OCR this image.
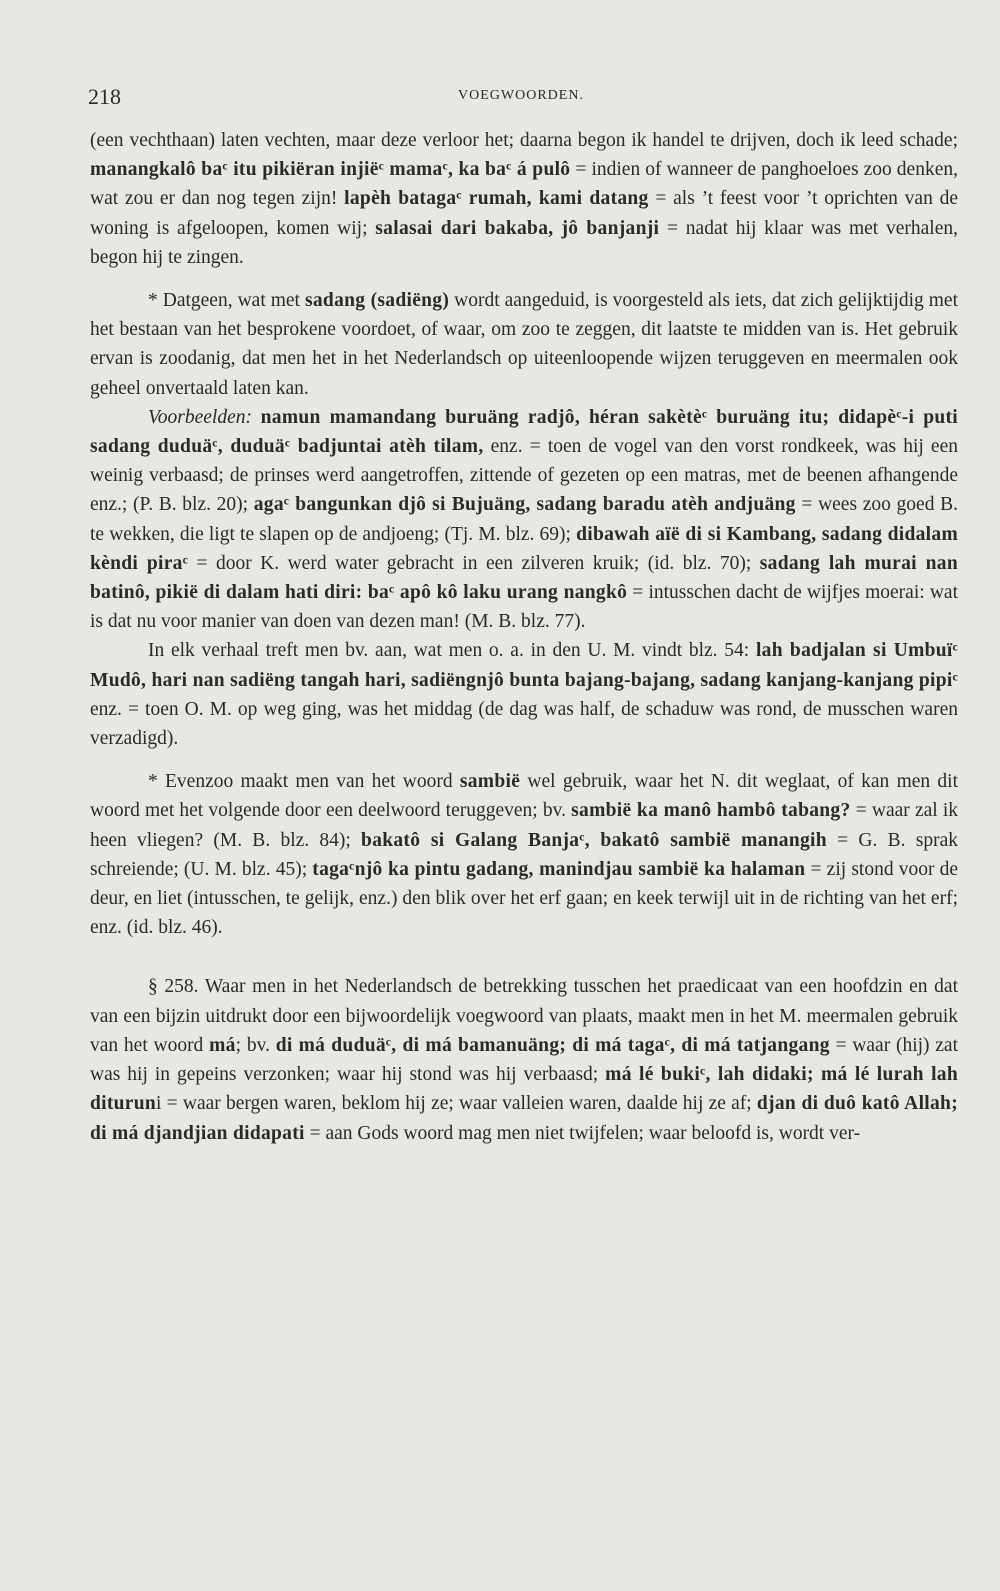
218	VOEGWOORDEN.

(een vechthaan) laten vechten, maar deze verloor het; daarna begon ik handel te drijven, doch ik leed schade; manangkalô baᶜ itu pikiëran injiëᶜ mamaᶜ, ka baᶜ á pulô = indien of wanneer de panghoeloes zoo denken, wat zou er dan nog tegen zijn! lapèh batagaᶜ rumah, kami datang = als ’t feest voor ’t oprichten van de woning is afgeloopen, komen wij; salasai dari bakaba, jô banjanji = nadat hij klaar was met verhalen, begon hij te zingen.

* Datgeen, wat met sadang (sadiëng) wordt aangeduid, is voorgesteld als iets, dat zich gelijktijdig met het bestaan van het besprokene voordoet, of waar, om zoo te zeggen, dit laatste te midden van is. Het gebruik ervan is zoodanig, dat men het in het Nederlandsch op uiteenloopende wijzen teruggeven en meermalen ook geheel onvertaald laten kan.

Voorbeelden: namun mamandang buruäng radjô, héran sakètèᶜ buruäng itu; didapèᶜ-i puti sadang duduäᶜ, duduäᶜ badjuntai atèh tilam, enz. = toen de vogel van den vorst rondkeek, was hij een weinig verbaasd; de prinses werd aangetroffen, zittende of gezeten op een matras, met de beenen afhangende enz.; (P. B. blz. 20); agaᶜ bangunkan djô si Bujuäng, sadang baradu atèh andjuäng = wees zoo goed B. te wekken, die ligt te slapen op de andjoeng; (Tj. M. blz. 69); dibawah aïë di si Kambang, sadang didalam kèndi piraᶜ = door K. werd water gebracht in een zilveren kruik; (id. blz. 70); sadang lah murai nan batinô, pikië di dalam hati diri: baᶜ apô kô laku urang nangkô = intusschen dacht de wijfjes moerai: wat is dat nu voor manier van doen van dezen man! (M. B. blz. 77).

In elk verhaal treft men bv. aan, wat men o. a. in den U. M. vindt blz. 54: lah badjalan si Umbuïᶜ Mudô, hari nan sadiëng tangah hari, sadiëngnjô bunta bajang-bajang, sadang kanjang-kanjang pipiᶜ enz. = toen O. M. op weg ging, was het middag (de dag was half, de schaduw was rond, de musschen waren verzadigd).

* Evenzoo maakt men van het woord sambië wel gebruik, waar het N. dit weglaat, of kan men dit woord met het volgende door een deelwoord teruggeven; bv. sambië ka manô hambô tabang? = waar zal ik heen vliegen? (M. B. blz. 84); bakatô si Galang Banjaᶜ, bakatô sambië manangih = G. B. sprak schreiende; (U. M. blz. 45); tagaᶜnjô ka pintu gadang, manindjau sambië ka halaman = zij stond voor de deur, en liet (intusschen, te gelijk, enz.) den blik over het erf gaan; en keek terwijl uit in de richting van het erf; enz. (id. blz. 46).

§ 258. Waar men in het Nederlandsch de betrekking tusschen het praedicaat van een hoofdzin en dat van een bijzin uitdrukt door een bijwoordelijk voegwoord van plaats, maakt men in het M. meermalen gebruik van het woord má; bv. di má duduäᶜ, di má bamanuäng; di má tagaᶜ, di má tatjangang = waar (hij) zat was hij in gepeins verzonken; waar hij stond was hij verbaasd; má lé bukiᶜ, lah didaki; má lé lurah lah dituruni = waar bergen waren, beklom hij ze; waar valleien waren, daalde hij ze af; djan di duô katô Allah; di má djandjian didapati = aan Gods woord mag men niet twijfelen; waar beloofd is, wordt ver-
